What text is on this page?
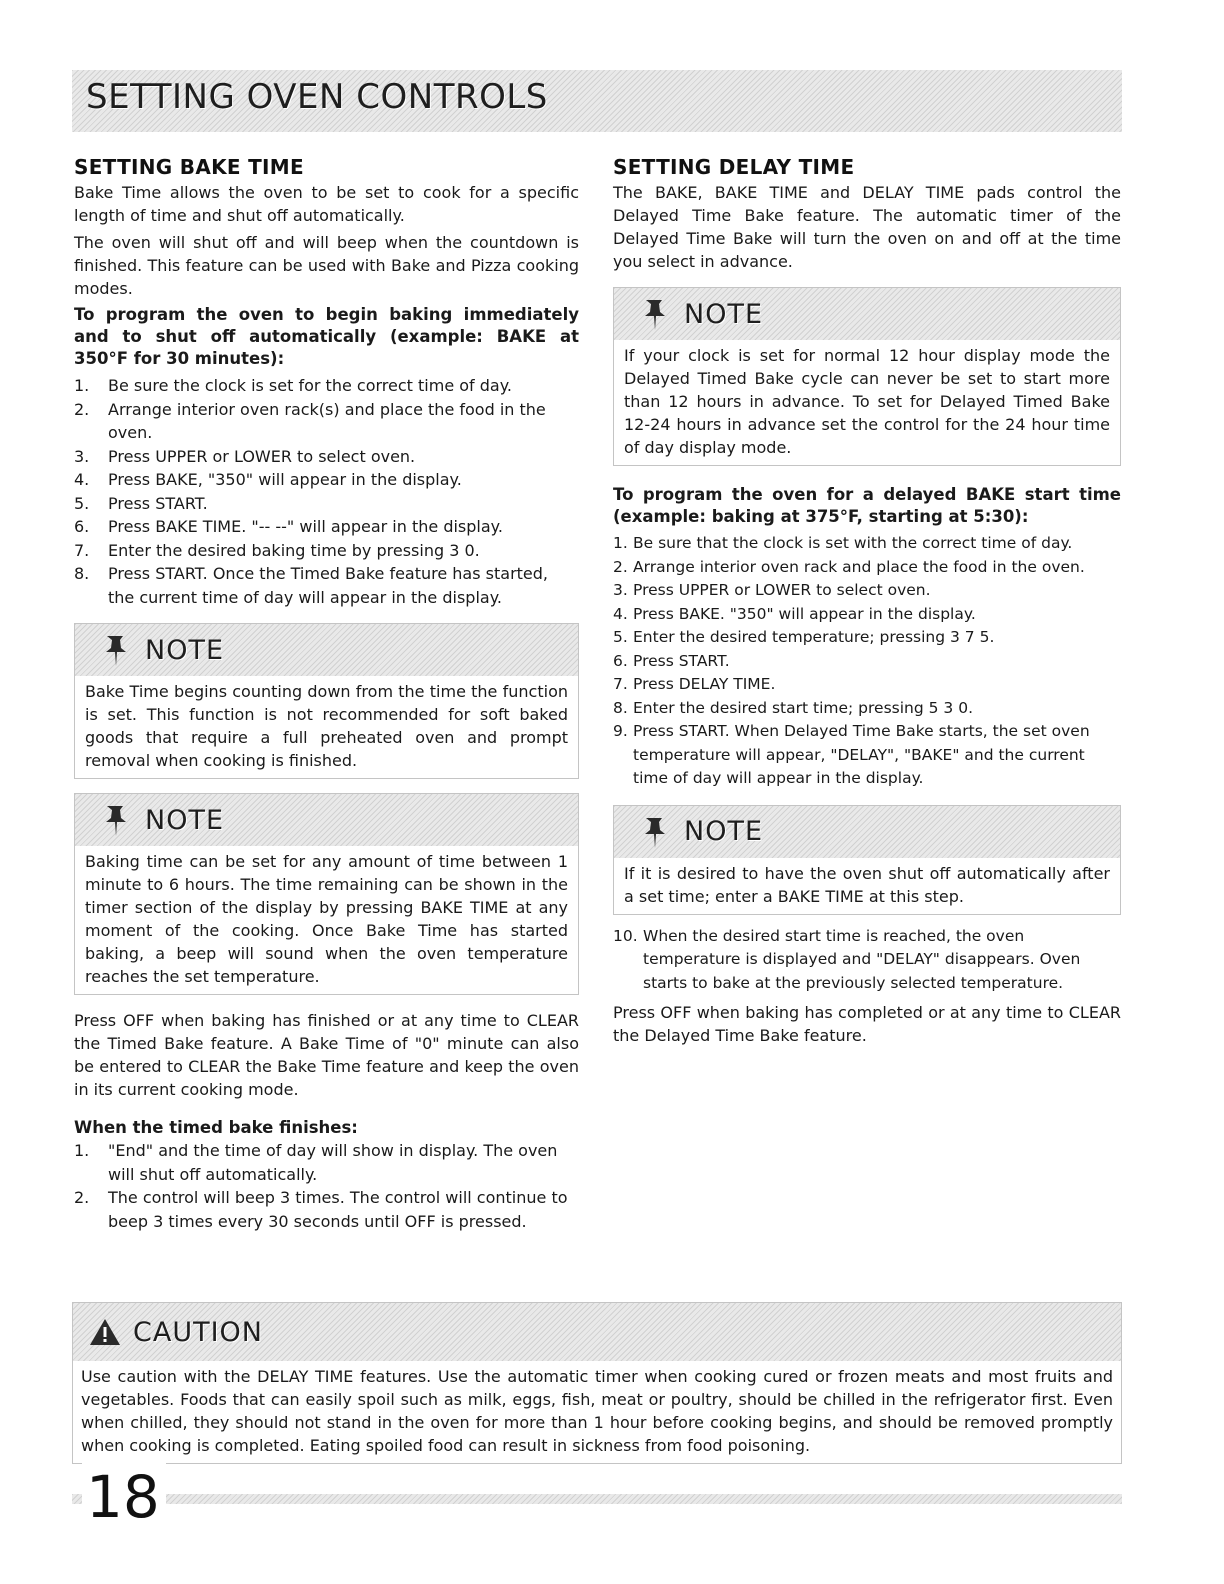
SETTING OVEN CONTROLS
SETTING BAKE TIME

Bake Time allows the oven to be set to cook for a specific length of time and shut off automatically.

The oven will shut off and will beep when the countdown is finished. This feature can be used with Bake and Pizza cooking modes.

To program the oven to begin baking immediately and to shut off automatically (example: BAKE at 350°F for 30 minutes):

1. Be sure the clock is set for the correct time of day.
2. Arrange interior oven rack(s) and place the food in the oven.
3. Press UPPER or LOWER to select oven.
4. Press BAKE, "350" will appear in the display.
5. Press START.
6. Press BAKE TIME. "-- --" will appear in the display.
7. Enter the desired baking time by pressing 3 0.
8. Press START. Once the Timed Bake feature has started, the current time of day will appear in the display.
NOTE
Bake Time begins counting down from the time the function is set. This function is not recommended for soft baked goods that require a full preheated oven and prompt removal when cooking is finished.
NOTE
Baking time can be set for any amount of time between 1 minute to 6 hours. The time remaining can be shown in the timer section of the display by pressing BAKE TIME at any moment of the cooking. Once Bake Time has started baking, a beep will sound when the oven temperature reaches the set temperature.

Press OFF when baking has finished or at any time to CLEAR the Timed Bake feature. A Bake Time of "0" minute can also be entered to CLEAR the Bake Time feature and keep the oven in its current cooking mode.

When the timed bake finishes:

1. "End" and the time of day will show in display. The oven will shut off automatically.
2. The control will beep 3 times. The control will continue to beep 3 times every 30 seconds until OFF is pressed.
SETTING DELAY TIME

The BAKE, BAKE TIME and DELAY TIME pads control the Delayed Time Bake feature. The automatic timer of the Delayed Time Bake will turn the oven on and off at the time you select in advance.

NOTE
If your clock is set for normal 12 hour display mode the Delayed Timed Bake cycle can never be set to start more than 12 hours in advance. To set for Delayed Timed Bake 12-24 hours in advance set the control for the 24 hour time of day display mode.

To program the oven for a delayed BAKE start time (example: baking at 375°F, starting at 5:30):

1. Be sure that the clock is set with the correct time of day.
2. Arrange interior oven rack and place the food in the oven.
3. Press UPPER or LOWER to select oven.
4. Press BAKE. "350" will appear in the display.
5. Enter the desired temperature; pressing 3 7 5.
6. Press START.
7. Press DELAY TIME.
8. Enter the desired start time; pressing 5 3 0.
9. Press START. When Delayed Time Bake starts, the set oven temperature will appear, "DELAY", "BAKE" and the current time of day will appear in the display.
NOTE
If it is desired to have the oven shut off automatically after a set time; enter a BAKE TIME at this step.
10. When the desired start time is reached, the oven temperature is displayed and "DELAY" disappears. Oven starts to bake at the previously selected temperature.

Press OFF when baking has completed or at any time to CLEAR the Delayed Time Bake feature.

CAUTION
Use caution with the DELAY TIME features. Use the automatic timer when cooking cured or frozen meats and most fruits and vegetables. Foods that can easily spoil such as milk, eggs, fish, meat or poultry, should be chilled in the refrigerator first. Even when chilled, they should not stand in the oven for more than 1 hour before cooking begins, and should be removed promptly when cooking is completed. Eating spoiled food can result in sickness from food poisoning.
18
